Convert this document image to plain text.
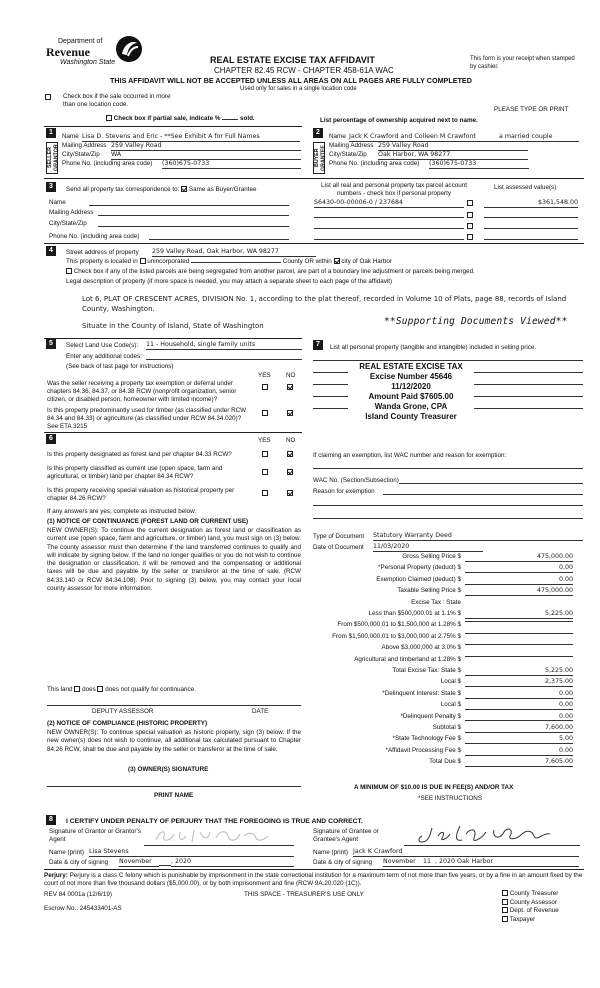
Department of
Revenue
Washington State	REAL ESTATE EXCISE TAX AFFIDAVIT
CHAPTER 82.45 RCW - CHAPTER 458-61A WAC
THIS AFFIDAVIT WILL NOT BE ACCEPTED UNLESS ALL AREAS ON ALL PAGES ARE FULLY COMPLETED
Used only for sales in a single location code
This form is your receipt when stamped by cashier.
Check box if the sale occurred in more than one location code.
PLEASE TYPE OR PRINT
Check box if partial sale, indicate %	sold.	List percentage of ownership acquired next to name.
1
SELLER GRANTOR
Name Lisa D. Stevens and Eric - **See Exhibit A for Full Names
Mailing Address 259 Valley Road
City/State/Zip WA
Phone No. (including area code) (360)675-0733
2
BUYER GRANTEE
Name Jack K Crawford and Colleen M Crawford	a married couple
Mailing Address 259 Valley Road
City/State/Zip Oak Harbor, WA 98277
Phone No. (including area code) (360)675-0733
3	Send all property tax correspondence to: Same as Buyer/Grantee
Name
Mailing Address
City/State/Zip
Phone No. (including area code)
List all real and personal property tax parcel account numbers - check box if personal property
List assessed value(s)
S6430-00-00006-0 / 237684	$361,548.00
4	Street address of property 259 Valley Road, Oak Harbor, WA 98277
This property is located in unincorporated	County OR within city of Oak Harbor
Check box if any of the listed parcels are being segregated from another parcel, are part of a boundary line adjustment or parcels being merged.
Legal description of property (if more space is needed, you may attach a separate sheet to each page of the affidavit)
Lot 6, PLAT OF CRESCENT ACRES, DIVISION No. 1, according to the plat thereof, recorded in Volume 10 of Plats, page 88, records of Island County, Washington.
Situate in the County of Island, State of Washington	**Supporting Documents Viewed**
5	Select Land Use Code(s): 11 - Household, single family units
Enter any additional codes:
(See back of last page for instructions)
YES NO
Was the seller receiving a property tax exemption or deferral under chapters 84.36, 84.37, or 84.38 RCW (nonprofit organization, senior citizen, or disabled person, homeowner with limited income)?
Is this property predominantly used for timber (as classified under RCW 84.34 and 84.33) or agriculture (as classified under RCW 84.34.020)? See ETA 3215
6	YES NO
Is this property designated as forest land per chapter 84.33 RCW?
Is this property classified as current use (open space, farm and agricultural, or timber) land per chapter 84.34 RCW?
Is this property receiving special valuation as historical property per chapter 84.26 RCW?
If any answers are yes, complete as instructed below.
(1) NOTICE OF CONTINUANCE (FOREST LAND OR CURRENT USE)
NEW OWNER(S): To continue the current designation as forest land or classification as current use (open space, farm and agriculture, or timber) land, you must sign on (3) below. The county assessor must then determine if the land transferred continues to qualify and will indicate by signing below. If the land no longer qualifies or you do not wish to continue the designation or classification, it will be removed and the compensating or additional taxes will be due and payable by the seller or transferor at the time of sale. (RCW 84.33.140 or RCW 84.34.108). Prior to signing (3) below, you may contact your local county assessor for more information.
This land does does not qualify for continuance.
DEPUTY ASSESSOR	DATE
(2) NOTICE OF COMPLIANCE (HISTORIC PROPERTY)
NEW OWNER(S): To continue special valuation as historic property, sign (3) below. If the new owner(s) does not wish to continue, all additional tax calculated pursuant to Chapter 84.26 RCW, shall be due and payable by the seller or transferor at the time of sale.
(3) OWNER(S) SIGNATURE
PRINT NAME
7	List all personal property (tangible and intangible) included in selling price.
REAL ESTATE EXCISE TAX
Excise Number 45646
11/12/2020
Amount Paid $7605.00
Wanda Grone, CPA
Island County Treasurer
If claiming an exemption, list WAC number and reason for exemption:
WAC No. (Section/Subsection)
Reason for exemption
Type of Document Statutory Warranty Deed
Date of Document 11/03/2020
Gross Selling Price $	475,000.00
*Personal Property (deduct) $	0.00
Exemption Claimed (deduct) $	0.00
Taxable Selling Price $	475,000.00
Excise Tax : State
Less than $500,000.01 at 1.1% $	5,225.00
From $500,000.01 to $1,500,000 at 1.28% $
From $1,500,000.01 to $3,000,000 at 2.75% $
Above $3,000,000 at 3.0% $
Agricultural and timberland at 1.28% $
Total Excise Tax: State $	5,225.00
Local $	2,375.00
*Delinquent Interest: State $	0.00
Local $	0.00
*Delinquent Penalty $	0.00
Subtotal $	7,600.00
*State Technology Fee $	5.00
*Affidavit Processing Fee $	0.00
Total Due $	7,605.00
A MINIMUM OF $10.00 IS DUE IN FEE(S) AND/OR TAX
*SEE INSTRUCTIONS
8	I CERTIFY UNDER PENALTY OF PERJURY THAT THE FOREGOING IS TRUE AND CORRECT.
Signature of Grantor or Grantor's Agent
Name (print) Lisa Stevens
Date & city of signing November	, 2020
Signature of Grantee or Grantee's Agent
Name (print) Jack K Crawford
Date & city of signing November	11 , 2020 Oak Harbor
Perjury: Perjury is a class C felony which is punishable by imprisonment in the state correctional institution for a maximum term of not more than five years, or by a fine in an amount fixed by the court of not more than five thousand dollars ($5,000.00), or by both imprisonment and fine (RCW 9A.20.020 (1C)).
REV 84 0001a (12/6/19)	THIS SPACE - TREASURER'S USE ONLY
Escrow No.: 245433401-AS
County Treasurer
County Assessor
Dept. of Revenue
Taxpayer
